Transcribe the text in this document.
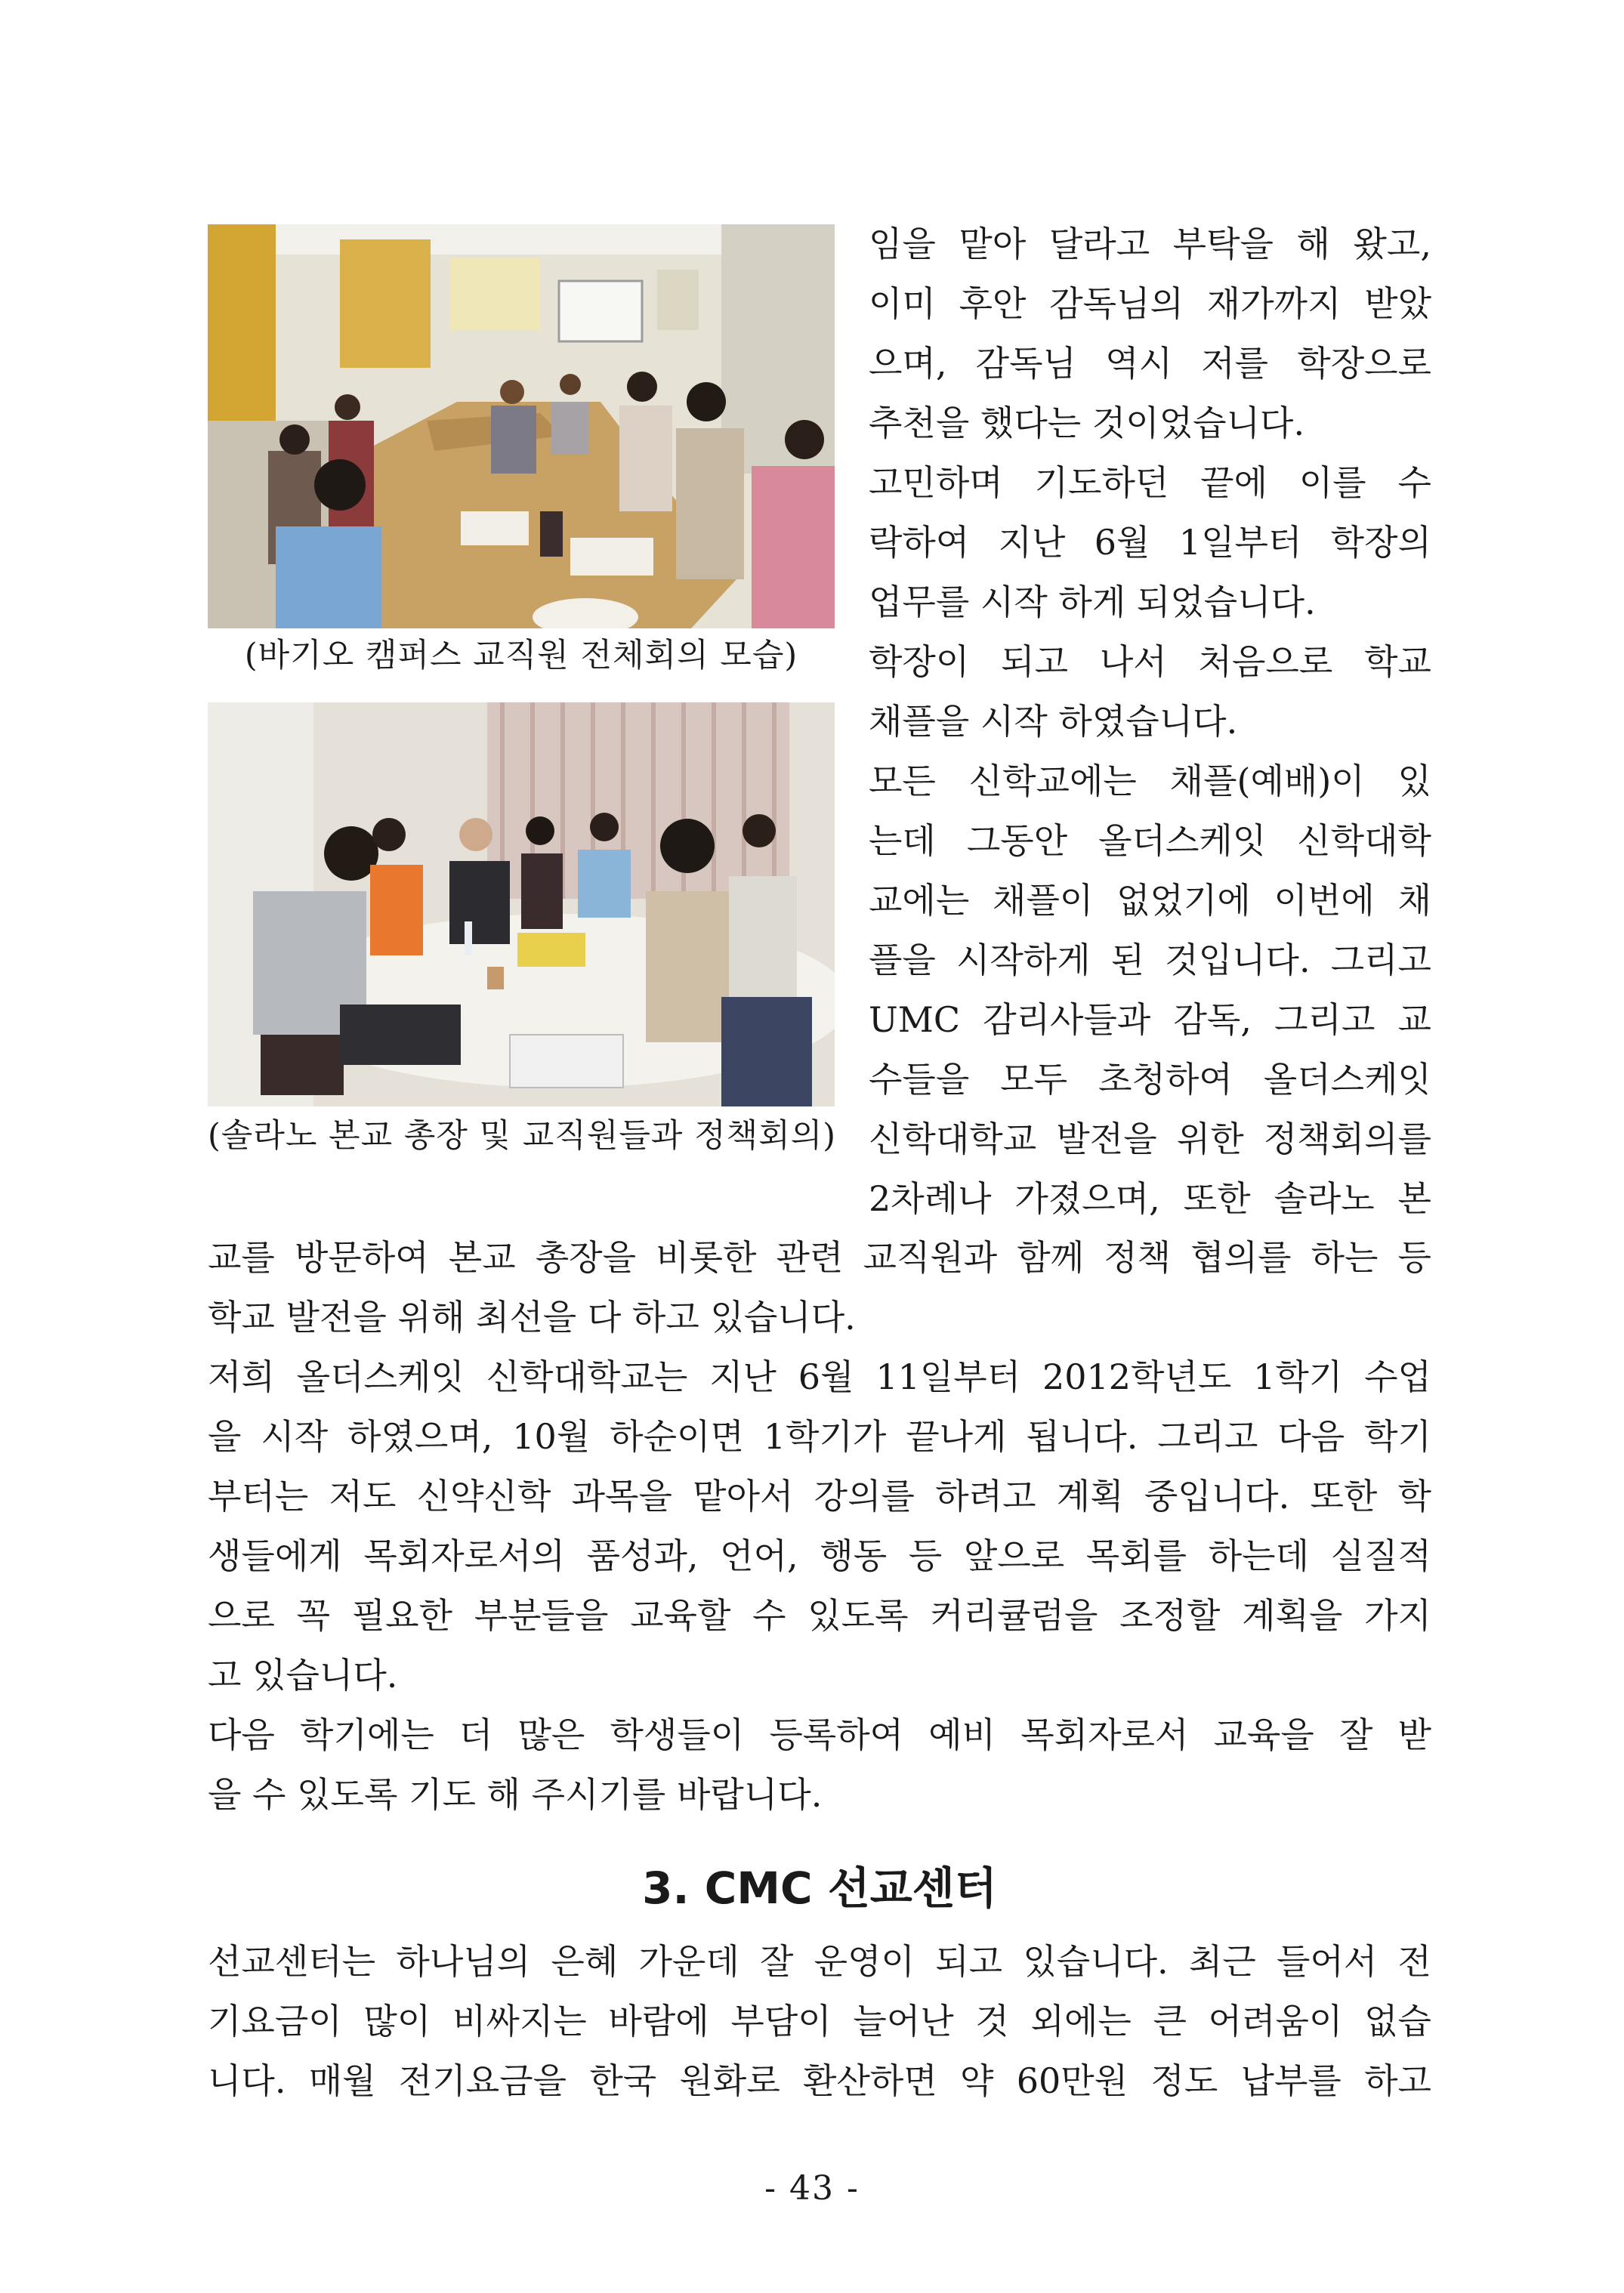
(바기오 캠퍼스 교직원 전체회의 모습)
(솔라노 본교 총장 및 교직원들과 정책회의)
임을 맡아 달라고 부탁을 해 왔고,
이미 후안 감독님의 재가까지 받았
으며, 감독님 역시 저를 학장으로
추천을 했다는 것이었습니다.
고민하며 기도하던 끝에 이를 수
락하여 지난 6월 1일부터 학장의
업무를 시작 하게 되었습니다.
학장이 되고 나서 처음으로 학교
채플을 시작 하였습니다.
모든 신학교에는 채플(예배)이 있
는데 그동안 올더스케잇 신학대학
교에는 채플이 없었기에 이번에 채
플을 시작하게 된 것입니다. 그리고
UMC 감리사들과 감독, 그리고 교
수들을 모두 초청하여 올더스케잇
신학대학교 발전을 위한 정책회의를
2차례나 가졌으며, 또한 솔라노 본
교를 방문하여 본교 총장을 비롯한 관련 교직원과 함께 정책 협의를 하는 등
학교 발전을 위해 최선을 다 하고 있습니다.
저희 올더스케잇 신학대학교는 지난 6월 11일부터 2012학년도 1학기 수업
을 시작 하였으며, 10월 하순이면 1학기가 끝나게 됩니다. 그리고 다음 학기
부터는 저도 신약신학 과목을 맡아서 강의를 하려고 계획 중입니다. 또한 학
생들에게 목회자로서의 품성과, 언어, 행동 등 앞으로 목회를 하는데 실질적
으로 꼭 필요한 부분들을 교육할 수 있도록 커리큘럼을 조정할 계획을 가지
고 있습니다.
다음 학기에는 더 많은 학생들이 등록하여 예비 목회자로서 교육을 잘 받
을 수 있도록 기도 해 주시기를 바랍니다.
3. CMC 선교센터
선교센터는 하나님의 은혜 가운데 잘 운영이 되고 있습니다. 최근 들어서 전
기요금이 많이 비싸지는 바람에 부담이 늘어난 것 외에는 큰 어려움이 없습
니다. 매월 전기요금을 한국 원화로 환산하면 약 60만원 정도 납부를 하고
- 43 -
